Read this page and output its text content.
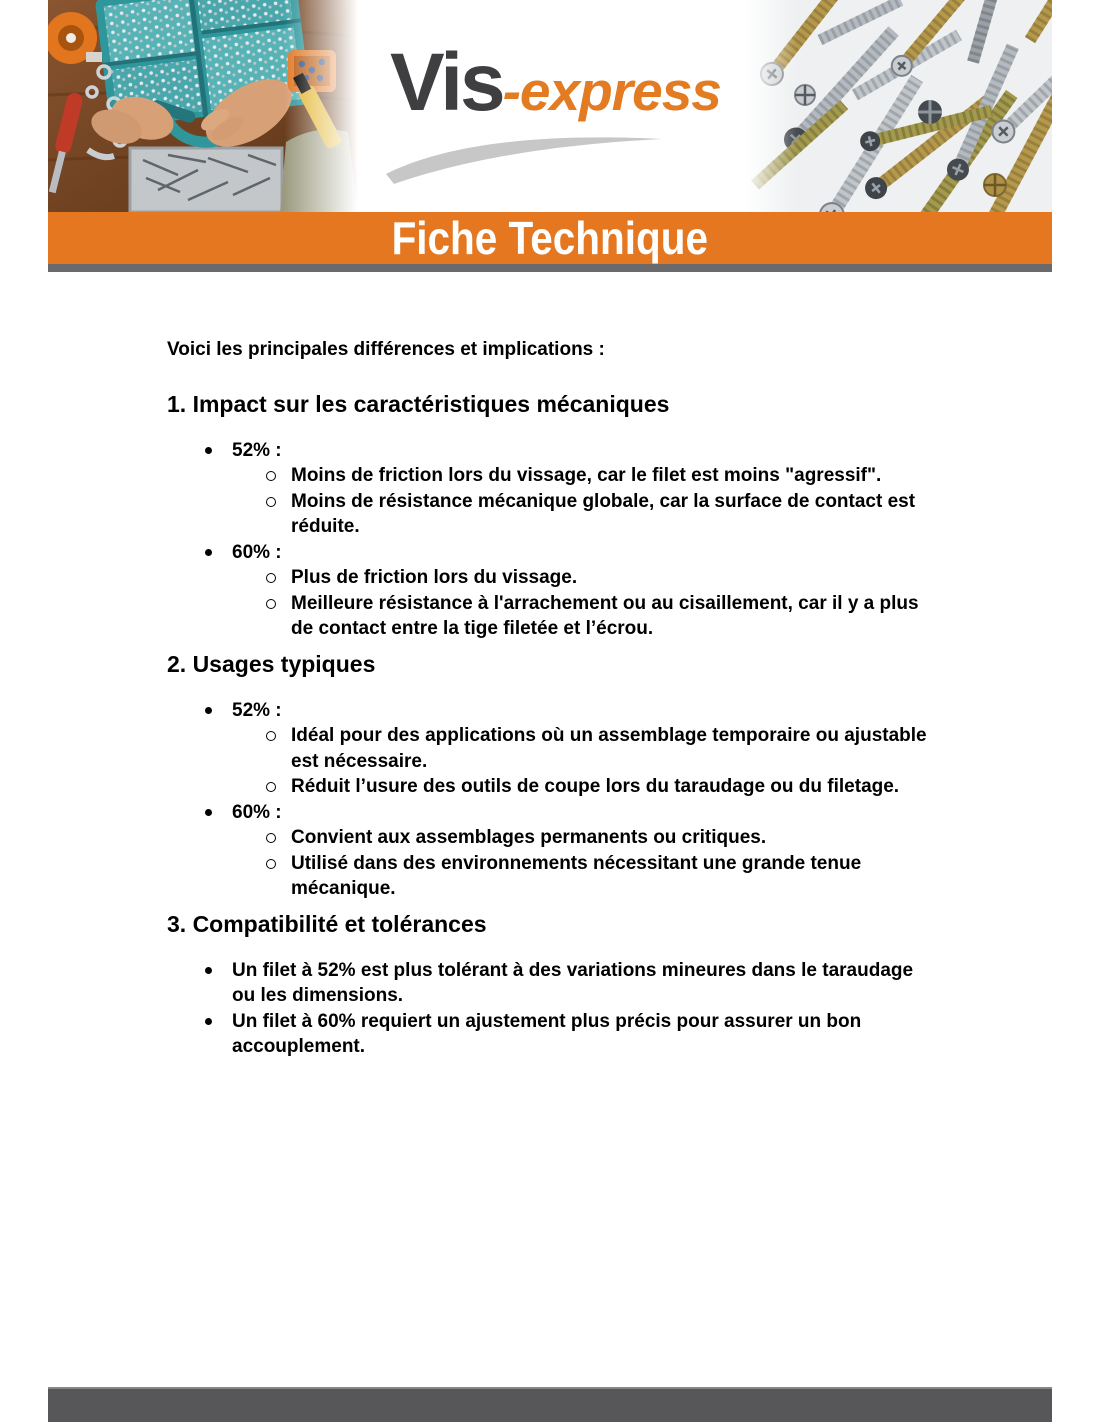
Vis-express
Fiche Technique

Voici les principales différences et implications :

1. Impact sur les caractéristiques mécaniques
52% :
Moins de friction lors du vissage, car le filet est moins "agressif".
Moins de résistance mécanique globale, car la surface de contact est réduite.
60% :
Plus de friction lors du vissage.
Meilleure résistance à l'arrachement ou au cisaillement, car il y a plus de contact entre la tige filetée et l’écrou.
2. Usages typiques
52% :
Idéal pour des applications où un assemblage temporaire ou ajustable est nécessaire.
Réduit l’usure des outils de coupe lors du taraudage ou du filetage.
60% :
Convient aux assemblages permanents ou critiques.
Utilisé dans des environnements nécessitant une grande tenue mécanique.
3. Compatibilité et tolérances
Un filet à 52% est plus tolérant à des variations mineures dans le taraudage ou les dimensions.
Un filet à 60% requiert un ajustement plus précis pour assurer un bon accouplement.
